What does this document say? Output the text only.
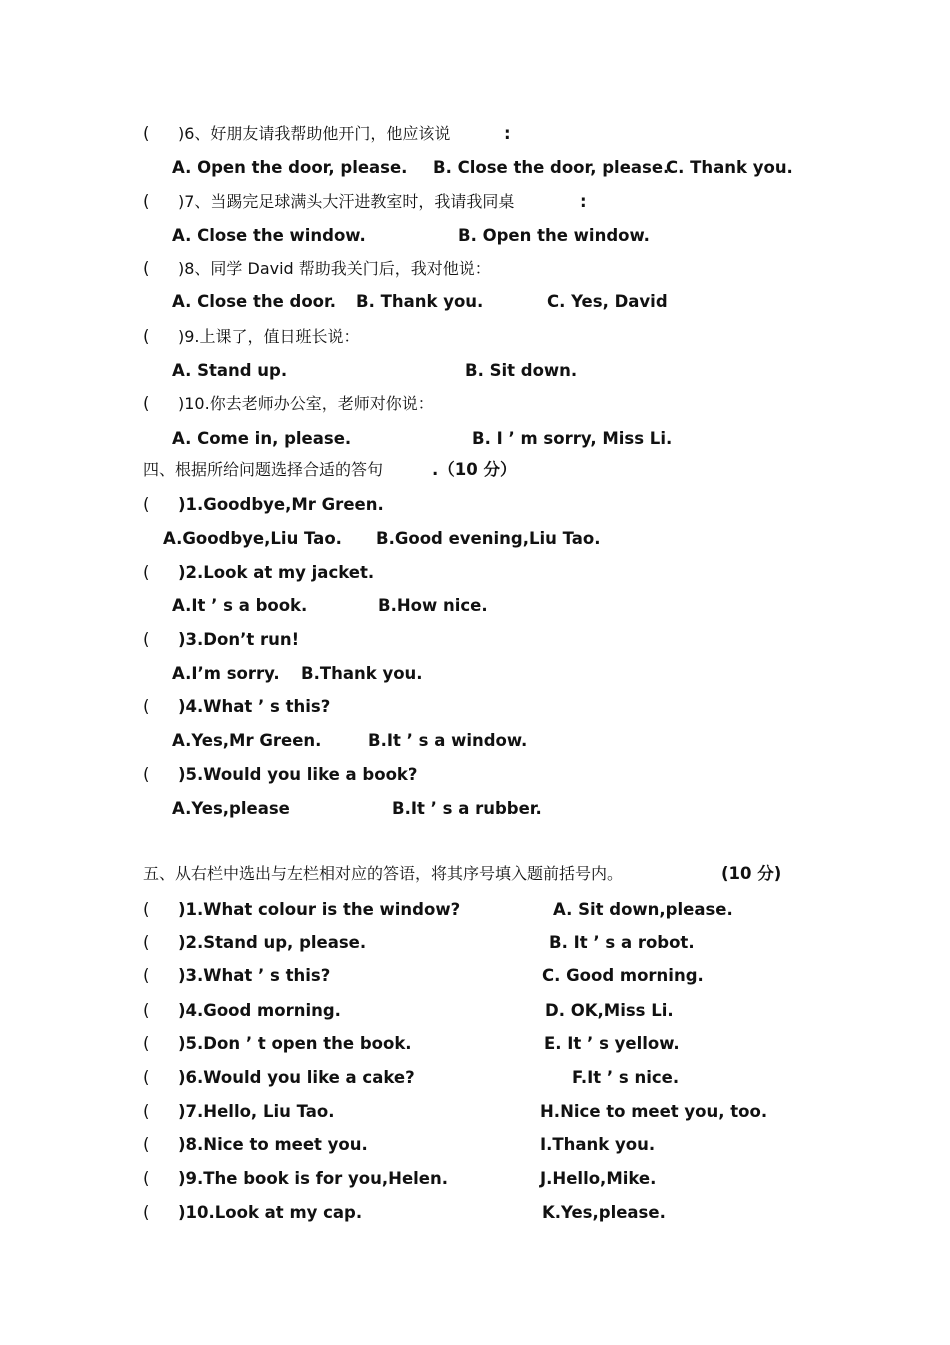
( )6、好朋友请我帮助他开门，他应该说	:
A. Open the door, please. B. Close the door, please.
C. Thank you.
( )7、当踢完足球满头大汗进教室时，我请我同桌	:
A. Close the window.	B. Open the window.
( )8、同学 David 帮助我关门后，我对他说：
A. Close the door. B. Thank you.	C. Yes, David
( )9.上课了，值日班长说：
A. Stand up.	B. Sit down.
( )10.你去老师办公室，老师对你说：
A. Come in, please.	B. I ’ m sorry, Miss Li.
四、根据所给问题选择合适的答句	.（10 分）
( )1.Goodbye,Mr Green.
A.Goodbye,Liu Tao. B.Good evening,Liu Tao.
( )2.Look at my jacket.
A.It ’ s a book.	B.How nice.
( )3.Don’t run!
A.I’m sorry. B.Thank you.
( )4.What ’ s this?
A.Yes,Mr Green.	B.It ’ s a window.
( )5.Would you like a book?
A.Yes,please	B.It ’ s a rubber.
五、从右栏中选出与左栏相对应的答语，将其序号填入题前括号内。	(10 分)
( )1.What colour is the window?	A. Sit down,please.
( )2.Stand up, please.	B. It ’ s a robot.
( )3.What ’ s this?	C. Good morning.
( )4.Good morning.	D. OK,Miss Li.
( )5.Don ’ t open the book.	E. It ’ s yellow.
( )6.Would you like a cake?	F.It ’ s nice.
( )7.Hello, Liu Tao.	H.Nice to meet you, too.
( )8.Nice to meet you.	I.Thank you.
( )9.The book is for you,Helen.	J.Hello,Mike.
( )10.Look at my cap.	K.Yes,please.
